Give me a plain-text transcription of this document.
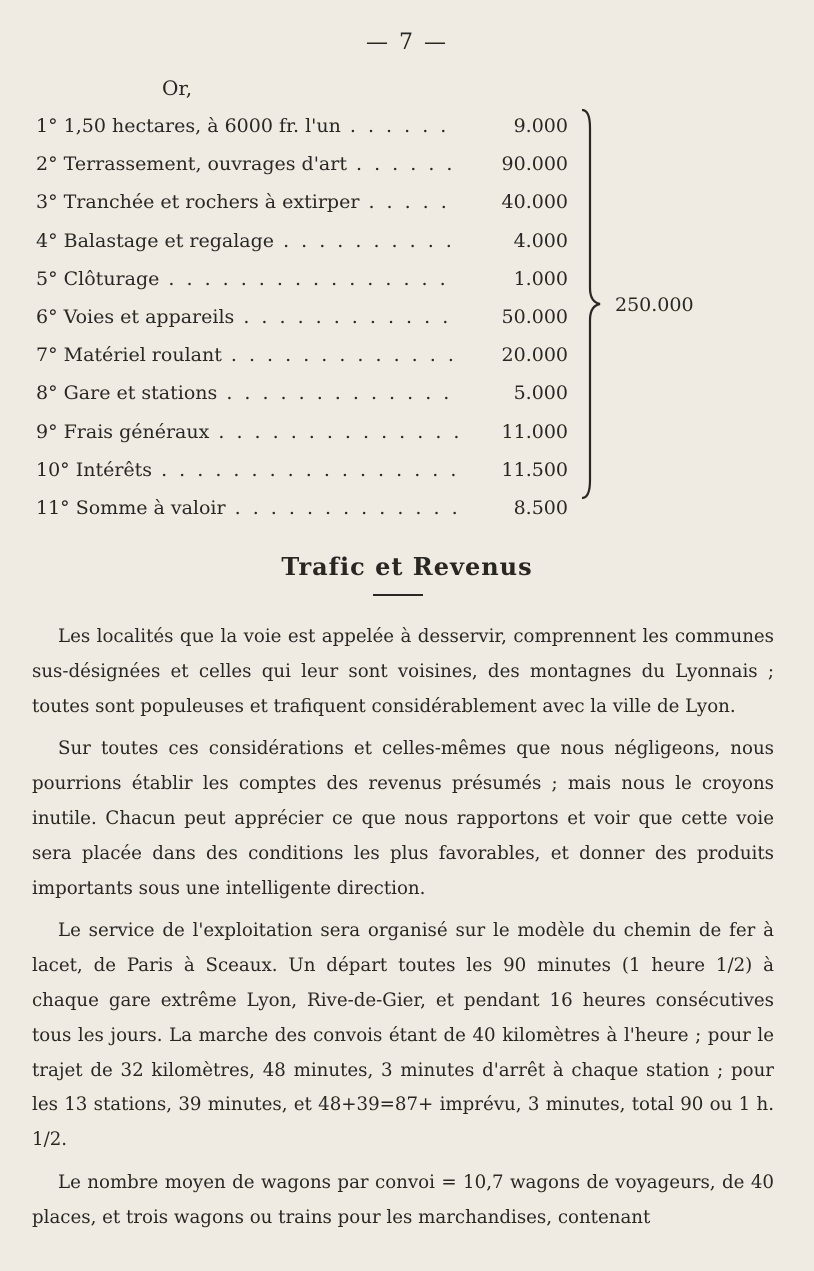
— 7 —
Or,
1° 1,50 hectares, à 6000 fr. l'un . . .	9.000
2° Terrassement, ouvrages d'art . . .	90.000
3° Tranchée et rochers à extirper . . .	40.000
4° Balastage et regalage . . .	4.000
5° Clôturage . . .	1.000
6° Voies et appareils . . .	50.000
7° Matériel roulant . . .	20.000
8° Gare et stations . . .	5.000
9° Frais généraux . . .	11.000
10° Intérêts . . .	11.500
11° Somme à valoir . . .	8.500
250.000
Trafic et Revenus

Les localités que la voie est appelée à desservir, comprennent les communes sus-désignées et celles qui leur sont voisines, des montagnes du Lyonnais ; toutes sont populeuses et trafiquent considérablement avec la ville de Lyon.

Sur toutes ces considérations et celles-mêmes que nous négligeons, nous pourrions établir les comptes des revenus présumés ; mais nous le croyons inutile. Chacun peut apprécier ce que nous rapportons et voir que cette voie sera placée dans des conditions les plus favorables, et donner des produits importants sous une intelligente direction.

Le service de l'exploitation sera organisé sur le modèle du chemin de fer à lacet, de Paris à Sceaux. Un départ toutes les 90 minutes (1 heure 1/2) à chaque gare extrême Lyon, Rive-de-Gier, et pendant 16 heures consécutives tous les jours. La marche des convois étant de 40 kilomètres à l'heure ; pour le trajet de 32 kilomètres, 48 minutes, 3 minutes d'arrêt à chaque station ; pour les 13 stations, 39 minutes, et 48+39=87+ imprévu, 3 minutes, total 90 ou 1 h. 1/2.

Le nombre moyen de wagons par convoi = 10,7 wagons de voyageurs, de 40 places, et trois wagons ou trains pour les marchandises, contenant
